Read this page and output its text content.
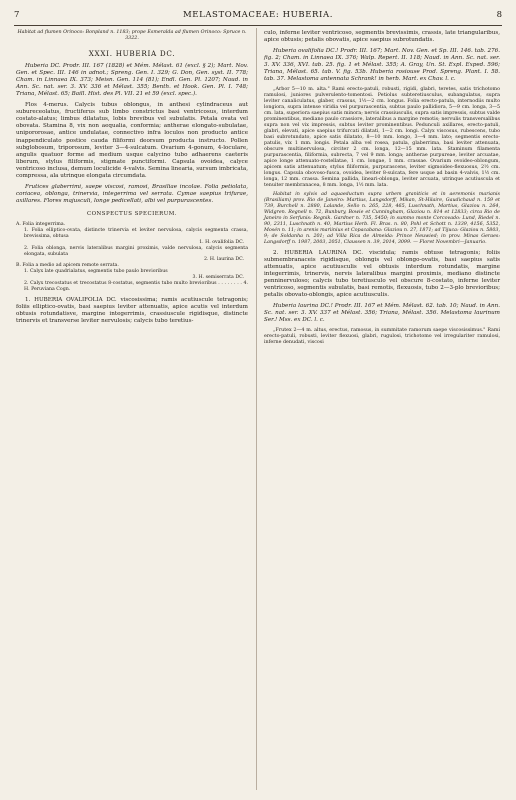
7	MELASTOMACEAE: HUBERIA.	8

Habitat ad flumen Orinoco: Bonpland n. 1183; prope Esmeralda ad flumen Orinoco: Spruce n. 3322.

XXXI. HUBERIA DC.

Huberia DC. Prodr. III. 167 (1828) et Mém. Mélast. 61 (excl. § 2); Mart. Nov. Gen. et Spec. III. 146 in adnot.; Spreng. Gen. I. 329; G. Don, Gen. syst. II. 778; Cham. in Linnaea IX. 373; Meisn. Gen. 114 (81); Endl. Gen. Pl. 1207; Naud. in Ann. Sc. nat. ser. 3. XV. 336 et Mélast. 355; Benth. et Hook. Gen. Pl. I. 748; Triana, Mélast. 65; Baill. Hist. des Pl. VII. 21 et 59 (excl. spec.).

Flos 4-merus. Calycis tubus oblongus, in anthesi cylindraceus aut subureceolatus, fructiferus sub limbo constrictus basi ventricosus, interdum costato-alatus; limbus dilatatus, lobis brevibus vel subulatis. Petala ovata vel obovata. Stamina 8, vix non aequalia, conformia; antherae elongato-subulatae, unipororosae, antice undulatae, connectivo infra loculos non producto antice inappendiculato postice cauda filiformi deorsum producta instructo. Pollen subglobosum, triporosum, leviter 3—4-sulcatum. Ovarium 4-gonum, 4-loculare, angulis quatuor forme ad medium usque calycino tubo adhaerens caeteris liberum, stylus filiformis, stigmate punctiformi. Capsula ovoidea, calyce ventricoso inclusa, demum loculicide 4-valvis. Semina linearia, sursum imbricata, compressa, ala utrinque elongata circumdata.

Frutices glaberrimi, saepe viscosi, ramosi, Brasiliae incolae. Folia petiolata, coriacea, oblonga, trinervia, integerrima vel serrata. Cymae saepius trifurae, axillares. Flores majusculi, longe pedicellati, albi vel purpurascentes.

CONSPECTUS SPECIERUM.
A. Folia integerrima.
1. Folia elliptico-ovata, distincte trinervia et leviter nervulosa, calycis segmenta crassa, brevissima, obtusa
1. H. ovalifolia DC.
2. Folia oblonga, nervis lateralibus margini proximis, valde nervulosa, calycis segmenta elongata, subulata
2. H. laurina DC.
B. Folia a medio ad apicem remote serrata.
1. Calyx late quadrialatus, segmentis tubo paulo brevioribus
3. H. semiserrata DC.
2. Calyx trecostatus et trecostatus 8-costatus, segmentis tubo multo brevioribus . . . . . . . . 4. H. Peruviana Cogn.

1. HUBERIA OVALIFOLIA DC. viscosissima; ramis acutiuscule tetragonis; foliis elliptico-ovatis, basi saepius leviter attenuatis, apice acutis vel interdum obtusis rotundatisve, margine integerrimis, crassiuscule rigidisque, distincte trinervis et transverse leviter nervulosis; calycis tubo teretius-

culo, inferne leviter ventricoso, segmentis brevissimis, crassis, late triangularibus, apice obtusis; petalis obovatis, apice saepius subrotundatis.

Huberia ovalifolia DC.! Prodr. III. 167; Mart. Nov. Gen. et Sp. III. 146. tab. 276. fig. 2; Cham. in Linnaea IX. 376; Walp. Repert. II. 118; Naud. in Ann. Sc. nat. ser. 3. XV. 336, XVI. tab. 25. fig. 1 et Mélast. 355; A. Gray, Un. St. Expl. Exped. 596; Triana, Mélast. 65. tab. V. fig. 53b. Huberia rosiouse Prod. Spreng. Plant. I. 58. tab. 37. Melastoma antennata Schrank! in herb. Mart. ex Chav. l. c.

„Arbor 5—10 m. alta." Rami erecto-patuli, robusti, rigidi, glabri, teretes, satis trichotomo ramulosi, juniores pulverulento-tomentosi. Petiolus subteretiusculus, subangulatus, supra leviter canaliculatus, glaber, crassus, 1½—2 cm. longus. Folia erecto-patula, internodiis multo longiora, supra intense viridia vel purpurascentia, subtus paulo pallidiora, 5—9 cm. longa, 3—5 cm. lata, superiora saepius satis minora; nervis crassiusculis, supra satis impressis, subtus valde prominentibus, mediano paulo crassiore, lateralibus a margine remotis; nervulis transversalibus supra non vel vix impressis, subtus leviter prominentibus. Pedunculi axillares, erecto-patuli, glabri, elevati, apice saepius trifurcati dilatati, 1—2 cm. longi. Calyx viscosus, rubescens, tubo basi subrotundato, apice satis dilatato, 8—10 mm. longo, 3—4 mm. lato; segmentis erecto-patulis, vix 1 mm. longis. Petala alba vel rosea, patula, glaberrima, basi leviter attenuata, obscure multinervulosa, circiter 2 cm. longa, 12—15 mm. lata. Staminum filamenta purpurascentia, filiformia, subrecta, 7 vel 9 mm. longa; antherae purpureae, leviter arcuatae, apice longe attenuato-rostellatae, 1 cm. longae, 1 mm. crassae. Ovarium ovoideo-oblongum, apicem satis attenuatum; stylus filiformis, purpurascens, leviter sigmoideo-flexuosus, 2½ cm. longus. Capsula obovoso-fusca, ovoidea, leviter 8-sulcata, fere usque ad basin 4-valvis, 1½ cm. longa, 12 mm. crassa. Semina pallida, lineari-oblonga, leviter arcuata, utrinque acutiuscula et tenuiter membranacea, 8 mm. longa, 1½ mm. lata.

Habitat in sylvis ad aquaeductum supra urbem graniticis et in aeremonis marianis (Brasiliam) prov. Rio de Janeiro: Martius, Langsdorff, Mikan, St-Hilaire, Gaudichaud n. 159 et 739, Burchell n. 2880, Lalande, Sello n. 265, 228, 465, Luschnath, Martius, Glaziou n. 264, Widgren. Regnell n. 72, Bunbury, Bowie et Cunningham, Glaziou n. 814 et 12833; circa Rio de Janeiro in Serfunis: Regnik. Gardner n. 735, 5450; in summo monte Corcovado: Lund, Riedel n. 90, 2311, Luschnath n. 40, Martius Herb. Fl. Bras. n. 80, Pohl et Schott n. 1339, 4156, 5352, Mosén n. 11; in arenis mariinius et Copacabana: Glaziou n. 27, 1871; ad Tijuca: Glaziou n. 5803, 9; de Soldanha n. 201; ad Villa Rica de Almeida: Prince Neuwied; in prov. Minas Geraes: Langsdorff n. 1987, 2003, 2051, Claussen n. 39, 2014, 3099. — Floret Novembri—Januario.

2. HUBERIA LAURINA DC. viscidula; ramis obtuse tetragonis; foliis submembranaceis rigidisque, oblongis vel oblongo-ovatis, basi saepius satis attenuatis, apice acutiusculis vel obtusis interdum rotundatis, margine integerrimis, trinervis, nervis lateralibus margini proximis, mediano distincte penninervuloso; calycis tubo teretiusculo vel obscure 8-costato, inferne leviter ventricoso, segmentis subulatis, basi remotis, flexuosis, tubo 2—3-plo brevioribus; petalis obovato-oblongis, apice acutiusculis.

Huberia laurina DC.! Prodr. III. 167 et Mém. Mélast. 62. tab. 10; Naud. in Ann. Sc. nat. ser. 3. XV. 337 et Mélast. 356; Triana, Mélast. 356. Melastoma laurinum Ser.! Mss. ex DC. l. c.

„Frutex 2—4 m. altus, erectus, ramosus, in summitate ramorum saepe viscosissimus." Rami erecto-patuli, robusti, leviter flexuosi, glabri, rugulosi, trichotomo vel irregulariter ramulosi, inferne denudati, viscosi
